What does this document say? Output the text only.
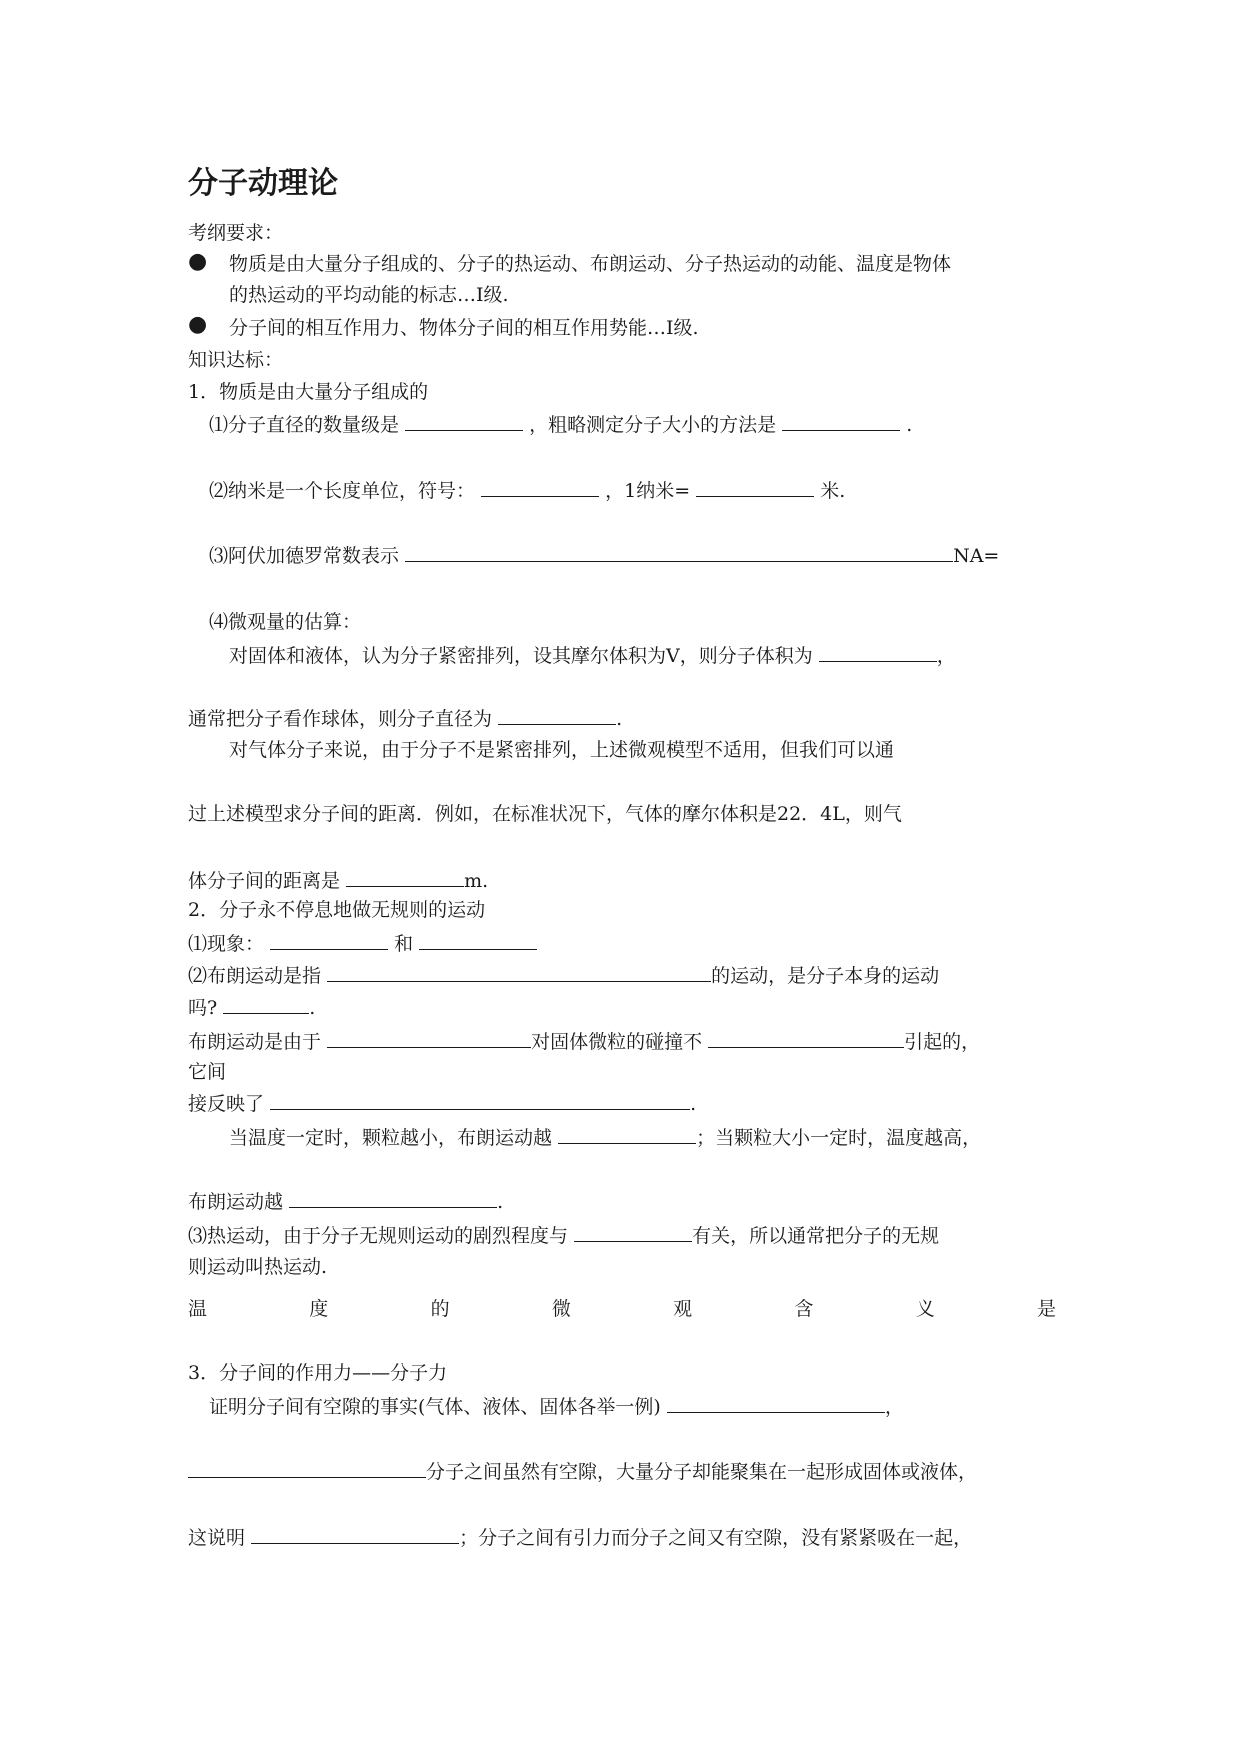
分子动理论
考纲要求：
● 物质是由大量分子组成的、分子的热运动、布朗运动、分子热运动的动能、温度是物体
的热运动的平均动能的标志…Ⅰ级.
● 分子间的相互作用力、物体分子间的相互作用势能…Ⅰ级.
知识达标：
1．物质是由大量分子组成的
⑴分子直径的数量级是	，粗略测定分子大小的方法是	.
⑵纳米是一个长度单位，符号：	，1纳米=	米.
⑶阿伏加德罗常数表示	NA=
⑷微观量的估算：
对固体和液体，认为分子紧密排列，设其摩尔体积为V，则分子体积为	，
通常把分子看作球体，则分子直径为	.
对气体分子来说，由于分子不是紧密排列，上述微观模型不适用，但我们可以通
过上述模型求分子间的距离．例如，在标准状况下，气体的摩尔体积是22．4L，则气
体分子间的距离是	m.
2．分子永不停息地做无规则的运动
⑴现象：	和
⑵布朗运动是指	的运动，是分子本身的运动
吗?	.
布朗运动是由于	对固体微粒的碰撞不	引起的，
它间
接反映了	.
当温度一定时，颗粒越小，布朗运动越	；当颗粒大小一定时，温度越高，
布朗运动越	.
⑶热运动，由于分子无规则运动的剧烈程度与	有关，所以通常把分子的无规
则运动叫热运动.
温	度	的	微	观	含	义	是
3．分子间的作用力——分子力
证明分子间有空隙的事实(气体、液体、固体各举一例)	，
分子之间虽然有空隙，大量分子却能聚集在一起形成固体或液体，
这说明	；分子之间有引力而分子之间又有空隙，没有紧紧吸在一起，
